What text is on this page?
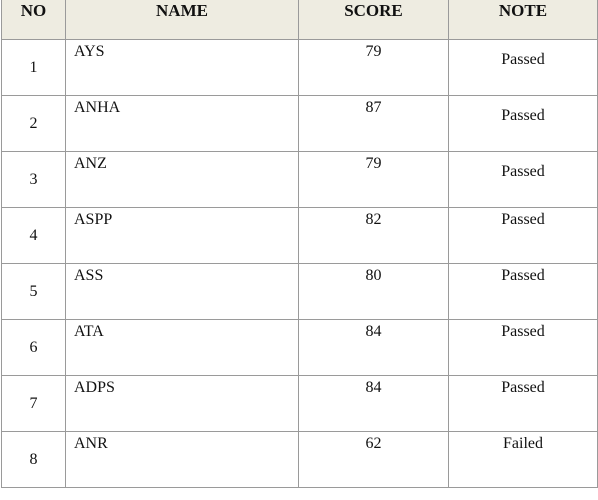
NO	NAME	SCORE	NOTE
1	AYS	79	Passed
2	ANHA	87	Passed
3	ANZ	79	Passed
4	ASPP	82	Passed
5	ASS	80	Passed
6	ATA	84	Passed
7	ADPS	84	Passed
8	ANR	62	Failed
